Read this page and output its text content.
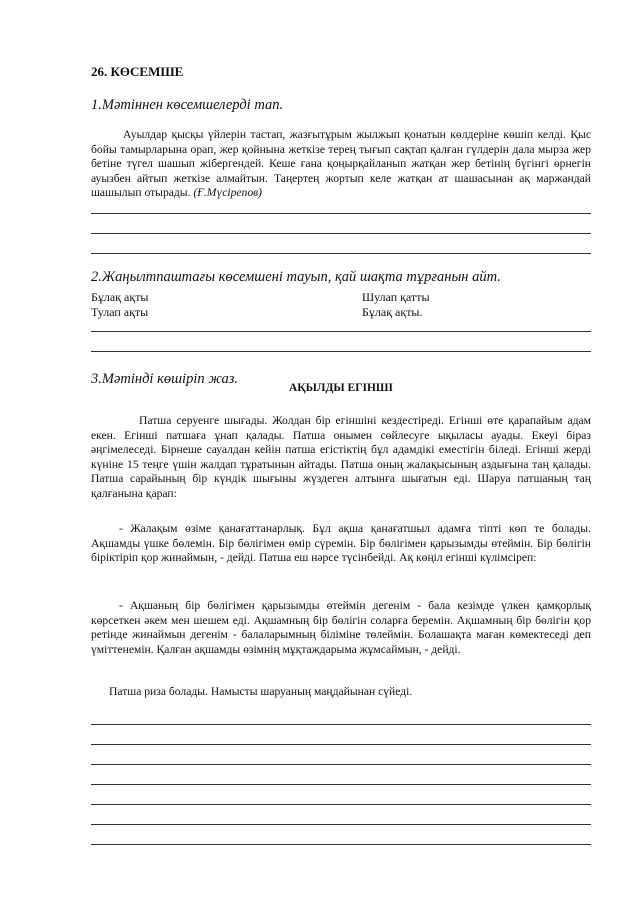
26. КӨСЕМШЕ
1.Мәтіннен көсемшелерді тап.

Ауылдар қысқы үйлерін тастап, жазғытұрым жылжып қонатын көлдеріне көшіп келді. Қыс бойы тамырларына орап, жер қойнына жеткізе терең тығып сақтап қалған гүлдерін дала мырза жер бетіне түгел шашып жібергендей. Кеше ғана қоңырқайланып жатқан жер бетінің бүгінгі өрнегін ауызбен айтып жеткізе алмайтын. Таңертең жортып келе жатқан ат шашасынан ақ маржандай шашылып отырады. (Ғ.Мүсірепов)

2.Жаңылтпаштағы көсемшені тауып, қай шақта тұрғанын айт.
Бұлақ ақты	Шулап қатты
Тулап ақты	Бұлақ ақты.
3.Мәтінді көшіріп жаз.
АҚЫЛДЫ ЕГІНШІ

Патша серуенге шығады. Жолдан бір егіншіні кездестіреді. Егінші өте қарапайым адам екен. Егінші патшаға ұнап қалады. Патша онымен сөйлесуге ықыласы ауады. Екеуі біраз әңгімелеседі. Бірнеше сауалдан кейін патша егістіктің бұл адамдікі еместігін біледі. Егінші жерді күніне 15 теңге үшін жалдап тұратынын айтады. Патша оның жалақысының аздығына таң қалады. Патша сарайының бір күндік шығыны жүздеген алтынға шығатын еді. Шаруа патшаның таң қалғанына қарап:

- Жалақым өзіме қанағаттанарлық. Бұл ақша қанағатшыл адамға тіпті көп те болады. Ақшамды үшке бөлемін. Бір бөлігімен өмір сүремін. Бір бөлігімен қарызымды өтеймін. Бір бөлігін біріктіріп қор жинаймын, - дейді. Патша еш нәрсе түсінбейді. Ақ көңіл егінші күлімсіреп:

- Ақшаның бір бөлігімен қарызымды өтеймін дегенім - бала кезімде үлкен қамқорлық көрсеткен әкем мен шешем еді. Ақшамның бір бөлігін соларға беремін. Ақшамның бір бөлігін қор ретінде жинаймын дегенім - балаларымның біліміне төлеймін. Болашақта маған көмектеседі деп үміттенемін. Қалған ақшамды өзімнің мұқтаждарыма жұмсаймын, - дейді.

Патша риза болады. Намысты шаруаның маңдайынан сүйеді.
